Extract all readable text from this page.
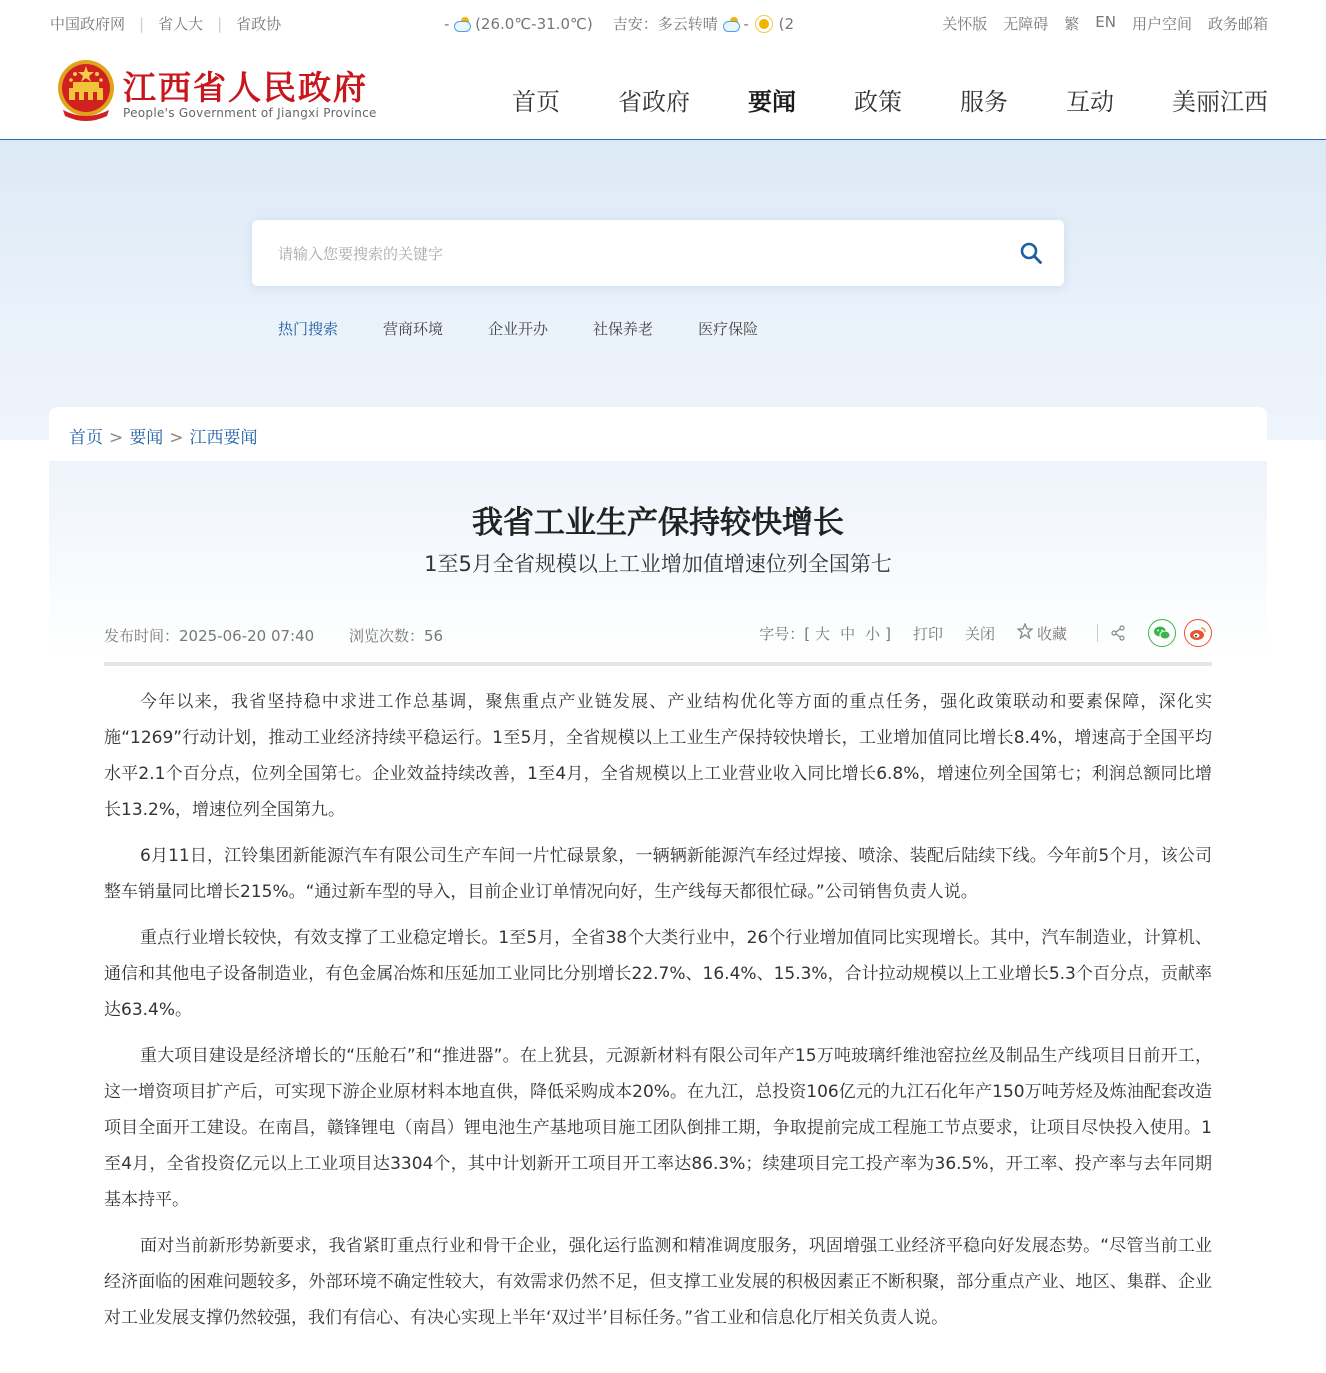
中国政府网 | 省人大 | 省政协	- (26.0℃-31.0℃) 吉安：多云转晴 - (2	关怀版 无障碍 繁 EN 用户空间 政务邮箱
江西省人民政府
People's Government of Jiangxi Province	首页 省政府 要闻 政策 服务 互动 美丽江西
请输入您要搜索的关键字
热门搜索	营商环境	企业开办	社保养老	医疗保险
首页 > 要闻 > 江西要闻
我省工业生产保持较快增长
1至5月全省规模以上工业增加值增速位列全国第七
发布时间：2025-06-20 07:40 浏览次数：56	字号：[ 大 中 小 ] 打印 关闭	收藏

今年以来，我省坚持稳中求进工作总基调，聚焦重点产业链发展、产业结构优化等方面的重点任务，强化政策联动和要素保障，深化实施“1269”行动计划，推动工业经济持续平稳运行。1至5月，全省规模以上工业生产保持较快增长，工业增加值同比增长8.4%，增速高于全国平均水平2.1个百分点，位列全国第七。企业效益持续改善，1至4月，全省规模以上工业营业收入同比增长6.8%，增速位列全国第七；利润总额同比增长13.2%，增速位列全国第九。

6月11日，江铃集团新能源汽车有限公司生产车间一片忙碌景象，一辆辆新能源汽车经过焊接、喷涂、装配后陆续下线。今年前5个月，该公司整车销量同比增长215%。“通过新车型的导入，目前企业订单情况向好，生产线每天都很忙碌。”公司销售负责人说。

重点行业增长较快，有效支撑了工业稳定增长。1至5月，全省38个大类行业中，26个行业增加值同比实现增长。其中，汽车制造业，计算机、通信和其他电子设备制造业，有色金属冶炼和压延加工业同比分别增长22.7%、16.4%、15.3%，合计拉动规模以上工业增长5.3个百分点，贡献率达63.4%。

重大项目建设是经济增长的“压舱石”和“推进器”。在上犹县，元源新材料有限公司年产15万吨玻璃纤维池窑拉丝及制品生产线项目日前开工，这一增资项目扩产后，可实现下游企业原材料本地直供，降低采购成本20%。在九江，总投资106亿元的九江石化年产150万吨芳烃及炼油配套改造项目全面开工建设。在南昌，赣锋锂电（南昌）锂电池生产基地项目施工团队倒排工期，争取提前完成工程施工节点要求，让项目尽快投入使用。1至4月，全省投资亿元以上工业项目达3304个，其中计划新开工项目开工率达86.3%；续建项目完工投产率为36.5%，开工率、投产率与去年同期基本持平。

面对当前新形势新要求，我省紧盯重点行业和骨干企业，强化运行监测和精准调度服务，巩固增强工业经济平稳向好发展态势。“尽管当前工业经济面临的困难问题较多，外部环境不确定性较大，有效需求仍然不足，但支撑工业发展的积极因素正不断积聚，部分重点产业、地区、集群、企业对工业发展支撑仍然较强，我们有信心、有决心实现上半年‘双过半’目标任务。”省工业和信息化厅相关负责人说。
